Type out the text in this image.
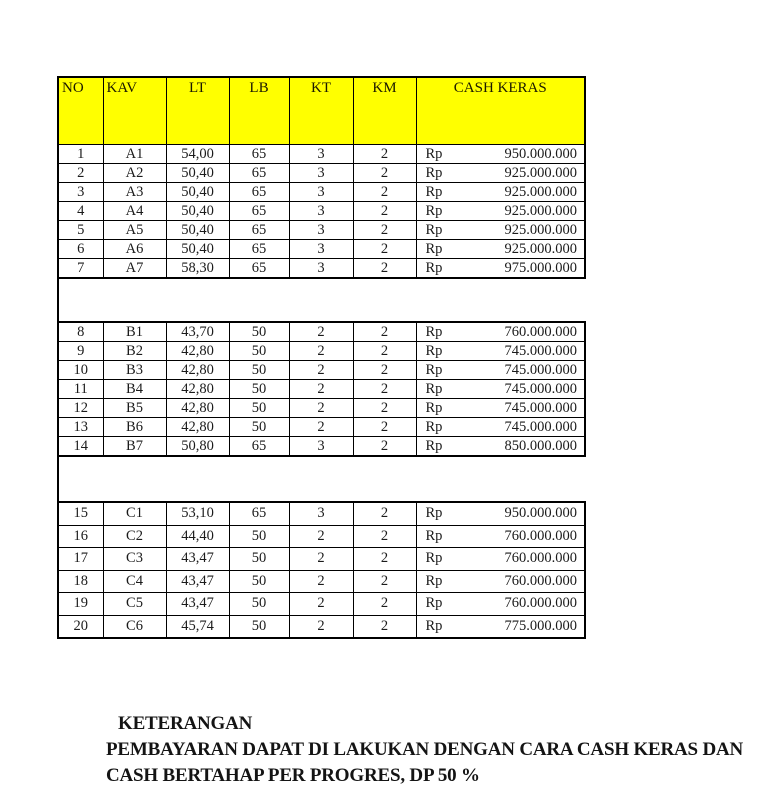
NO	KAV	LT	LB	KT	KM	CASH KERAS
1	A1	54,00	65	3	2	Rp 950.000.000
2	A2	50,40	65	3	2	Rp 925.000.000
3	A3	50,40	65	3	2	Rp 925.000.000
4	A4	50,40	65	3	2	Rp 925.000.000
5	A5	50,40	65	3	2	Rp 925.000.000
6	A6	50,40	65	3	2	Rp 925.000.000
7	A7	58,30	65	3	2	Rp 975.000.000
8	B1	43,70	50	2	2	Rp 760.000.000
9	B2	42,80	50	2	2	Rp 745.000.000
10	B3	42,80	50	2	2	Rp 745.000.000
11	B4	42,80	50	2	2	Rp 745.000.000
12	B5	42,80	50	2	2	Rp 745.000.000
13	B6	42,80	50	2	2	Rp 745.000.000
14	B7	50,80	65	3	2	Rp 850.000.000
15	C1	53,10	65	3	2	Rp 950.000.000
16	C2	44,40	50	2	2	Rp 760.000.000
17	C3	43,47	50	2	2	Rp 760.000.000
18	C4	43,47	50	2	2	Rp 760.000.000
19	C5	43,47	50	2	2	Rp 760.000.000
20	C6	45,74	50	2	2	Rp 775.000.000

KETERANGAN

PEMBAYARAN DAPAT DI LAKUKAN DENGAN CARA CASH KERAS DAN

CASH BERTAHAP PER PROGRES, DP 50 %
